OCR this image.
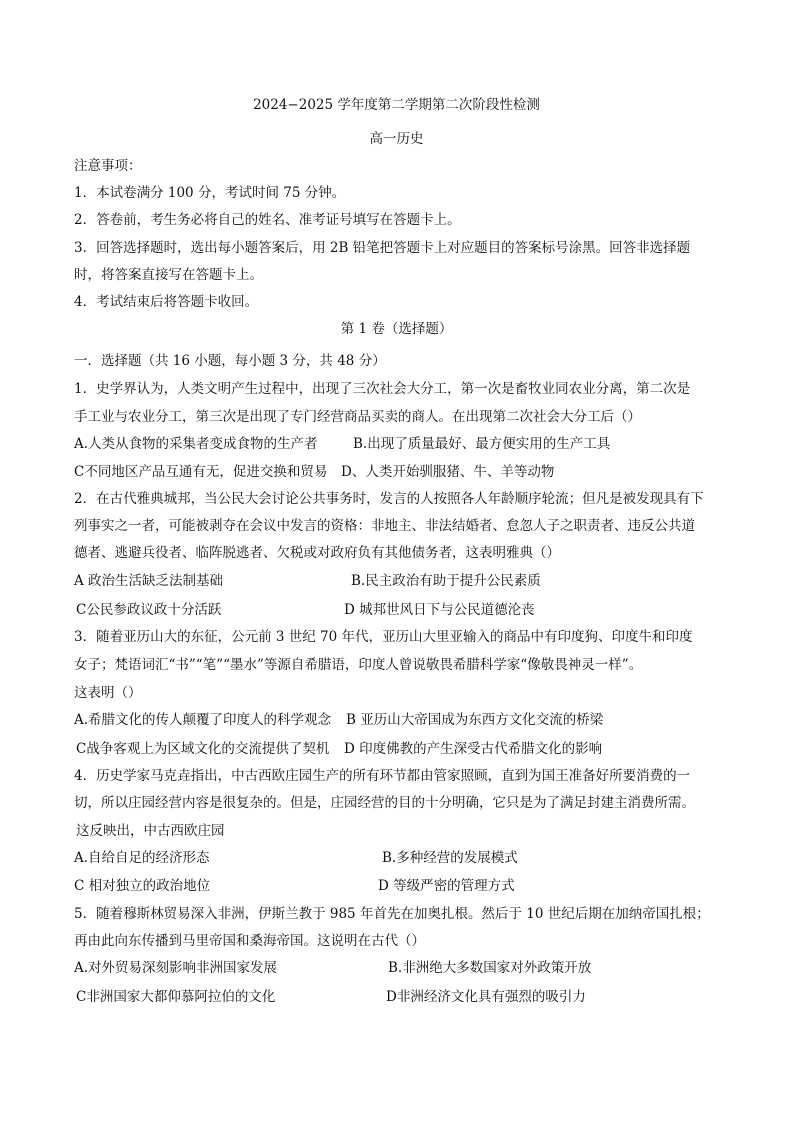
2024−2025 学年度第二学期第二次阶段性检测
高一历史
注意事项：
1．本试卷满分 100 分，考试时间 75 分钟。
2．答卷前，考生务必将自己的姓名、准考证号填写在答题卡上。
3．回答选择题时，选出每小题答案后，用 2B 铅笔把答题卡上对应题目的答案标号涂黑。回答非选择题
时，将答案直接写在答题卡上。
4．考试结束后将答题卡收回。
第 1 卷（选择题）
一．选择题（共 16 小题，每小题 3 分，共 48 分）
1．史学界认为，人类文明产生过程中，出现了三次社会大分工，第一次是畜牧业同农业分离，第二次是
手工业与农业分工，第三次是出现了专门经营商品买卖的商人。在出现第二次社会大分工后（）
A.人类从食物的采集者变成食物的生产者	B.出现了质量最好、最方便实用的生产工具
C不同地区产品互通有无，促进交换和贸易 D、人类开始驯服猪、牛、羊等动物
2．在古代雅典城邦，当公民大会讨论公共事务时，发言的人按照各人年龄顺序轮流；但凡是被发现具有下
列事实之一者，可能被剥夺在会议中发言的资格：非地主、非法结婚者、怠忽人子之职责者、违反公共道
德者、逃避兵役者、临阵脱逃者、欠税或对政府负有其他债务者，这表明雅典（）
A 政治生活缺乏法制基础	B.民主政治有助于提升公民素质
C公民参政议政十分活跃	D 城邦世风日下与公民道德沦丧
3．随着亚历山大的东征，公元前 3 世纪 70 年代，亚历山大里亚输入的商品中有印度狗、印度牛和印度
女子；梵语词汇“书”“笔”“墨水”等源自希腊语，印度人曾说敬畏希腊科学家“像敬畏神灵一样”。
这表明（）
A.希腊文化的传人颠覆了印度人的科学观念 B 亚历山大帝国成为东西方文化交流的桥梁
C战争客观上为区域文化的交流提供了契机 D 印度佛教的产生深受古代希腊文化的影响
4．历史学家马克垚指出，中古西欧庄园生产的所有环节都由管家照顾，直到为国王准备好所要消费的一
切，所以庄园经营内容是很复杂的。但是，庄园经营的目的十分明确，它只是为了满足封建主消费所需。
这反映出，中古西欧庄园
A.自给自足的经济形态	B.多种经营的发展模式
C 相对独立的政治地位	D 等级严密的管理方式
5．随着穆斯林贸易深入非洲，伊斯兰教于 985 年首先在加奥扎根。然后于 10 世纪后期在加纳帝国扎根；
再由此向东传播到马里帝国和桑海帝国。这说明在古代（）
A.对外贸易深刻影响非洲国家发展	B.非洲绝大多数国家对外政策开放
C非洲国家大都仰慕阿拉伯的文化	D非洲经济文化具有强烈的吸引力
